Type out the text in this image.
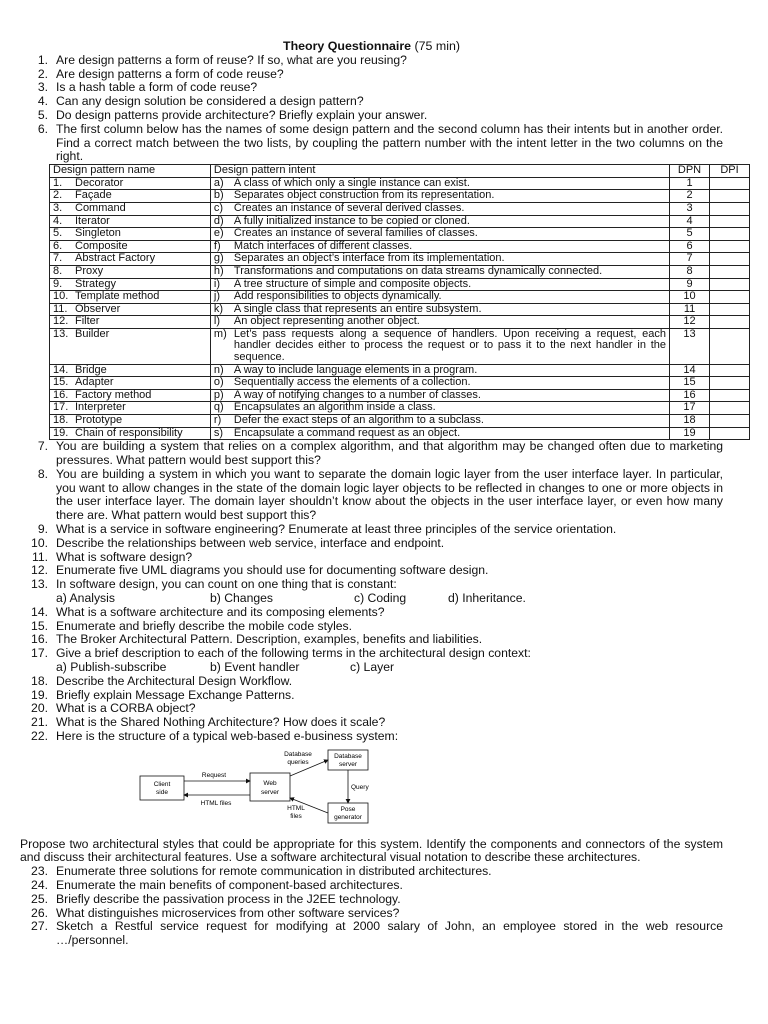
Theory Questionnaire (75 min)
1. Are design patterns a form of reuse? If so, what are you reusing?
2. Are design patterns a form of code reuse?
3. Is a hash table a form of code reuse?
4. Can any design solution be considered a design pattern?
5. Do design patterns provide architecture? Briefly explain your answer.
6. The first column below has the names of some design pattern and the second column has their intents but in another order. Find a correct match between the two lists, by coupling the pattern number with the intent letter in the two columns on the right.
Design pattern name	Design pattern intent	DPN	DPI
1. Decorator	a) A class of which only a single instance can exist.	1	
2. Façade	b) Separates object construction from its representation.	2	
3. Command	c) Creates an instance of several derived classes.	3	
4. Iterator	d) A fully initialized instance to be copied or cloned.	4	
5. Singleton	e) Creates an instance of several families of classes.	5	
6. Composite	f) Match interfaces of different classes.	6	
7. Abstract Factory	g) Separates an object’s interface from its implementation.	7	
8. Proxy	h) Transformations and computations on data streams dynamically connected.	8	
9. Strategy	i) A tree structure of simple and composite objects.	9	
10. Template method	j) Add responsibilities to objects dynamically.	10	
11. Observer	k) A single class that represents an entire subsystem.	11	
12. Filter	l) An object representing another object.	12	
13. Builder	m) Let’s pass requests along a sequence of handlers. Upon receiving a request, each handler decides either to process the request or to pass it to the next handler in the sequence.	13	
14. Bridge	n) A way to include language elements in a program.	14	
15. Adapter	o) Sequentially access the elements of a collection.	15	
16. Factory method	p) A way of notifying changes to a number of classes.	16	
17. Interpreter	q) Encapsulates an algorithm inside a class.	17	
18. Prototype	r) Defer the exact steps of an algorithm to a subclass.	18	
19. Chain of responsibility	s) Encapsulate a command request as an object.	19	
7. You are building a system that relies on a complex algorithm, and that algorithm may be changed often due to marketing pressures. What pattern would best support this?
8. You are building a system in which you want to separate the domain logic layer from the user interface layer. In particular, you want to allow changes in the state of the domain logic layer objects to be reflected in changes to one or more objects in the user interface layer. The domain layer shouldn’t know about the objects in the user interface layer, or even how many there are. What pattern would best support this?
9. What is a service in software engineering? Enumerate at least three principles of the service orientation.
10. Describe the relationships between web service, interface and endpoint.
11. What is software design?
12. Enumerate five UML diagrams you should use for documenting software design.
13. In software design, you can count on one thing that is constant:
a) Analysis	b) Changes	c) Coding	d) Inheritance.
14. What is a software architecture and its composing elements?
15. Enumerate and briefly describe the mobile code styles.
16. The Broker Architectural Pattern. Description, examples, benefits and liabilities.
17. Give a brief description to each of the following terms in the architectural design context:
a) Publish-subscribe	b) Event handler	c) Layer
18. Describe the Architectural Design Workflow.
19. Briefly explain Message Exchange Patterns.
20. What is a CORBA object?
21. What is the Shared Nothing Architecture? How does it scale?
22. Here is the structure of a typical web-based e-business system:
Client
side
Web
server
Database
server
Pose
generator
Request
HTML files
Database
queries
Query
HTML
files
Propose two architectural styles that could be appropriate for this system. Identify the components and connectors of the system and discuss their architectural features. Use a software architectural visual notation to describe these architectures.
23. Enumerate three solutions for remote communication in distributed architectures.
24. Enumerate the main benefits of component-based architectures.
25. Briefly describe the passivation process in the J2EE technology.
26. What distinguishes microservices from other software services?
27. Sketch a Restful service request for modifying at 2000 salary of John, an employee stored in the web resource …/personnel.
